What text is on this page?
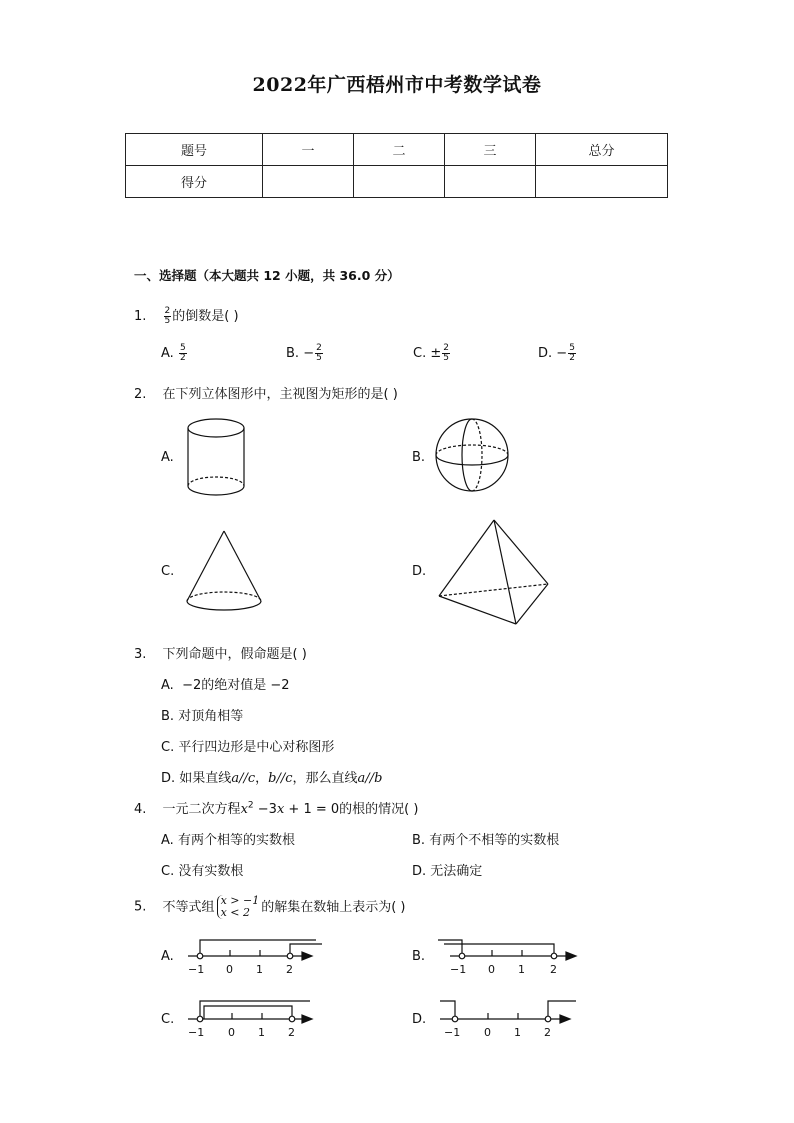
2022年广西梧州市中考数学试卷
题号	一	二	三	总分
得分				
一、选择题（本大题共 12 小题，共 36.0 分）
1. $\frac{2}{5}$ 的倒数是( )
A. $\frac{5}{2}$	B. − $\frac{2}{5}$	C. ± $\frac{2}{5}$	D. − $\frac{5}{2}$
2. 在下列立体图形中，主视图为矩形的是( )
A.	B.
C.	D.
3. 下列命题中，假命题是( )
A. −2的绝对值是 −2
B. 对顶角相等
C. 平行四边形是中心对称图形
D. 如果直线a//c，b//c，那么直线a//b
4. 一元二次方程$x^2 -3x + 1 = 0$的根的情况( )
A. 有两个相等的实数根	B. 有两个不相等的实数根
C. 没有实数根	D. 无法确定
5. 不等式组 x > −1
x < 2 的解集在数轴上表示为( )
A.	B.
C.	D.
−1 0 1 2	−1 0 1 2
−1 0 1 2	−1 0 1 2
